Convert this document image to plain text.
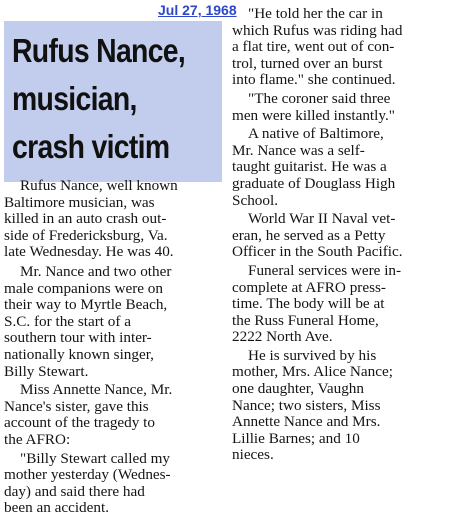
Jul 27, 1968
Rufus Nance,
musician,
crash victim
Rufus Nance, well known
Baltimore musician, was
killed in an auto crash out-
side of Fredericksburg, Va.
late Wednesday. He was 40.
Mr. Nance and two other
male companions were on
their way to Myrtle Beach,
S.C. for the start of a
southern tour with inter-
nationally known singer,
Billy Stewart.
Miss Annette Nance, Mr.
Nance's sister, gave this
account of the tragedy to
the AFRO:
"Billy Stewart called my
mother yesterday (Wednes-
day) and said there had
been an accident.
"He told her the car in
which Rufus was riding had
a flat tire, went out of con-
trol, turned over an burst
into flame." she continued.
"The coroner said three
men were killed instantly."
A native of Baltimore,
Mr. Nance was a self-
taught guitarist. He was a
graduate of Douglass High
School.
World War II Naval vet-
eran, he served as a Petty
Officer in the South Pacific.
Funeral services were in-
complete at AFRO press-
time. The body will be at
the Russ Funeral Home,
2222 North Ave.
He is survived by his
mother, Mrs. Alice Nance;
one daughter, Vaughn
Nance; two sisters, Miss
Annette Nance and Mrs.
Lillie Barnes; and 10
nieces.
